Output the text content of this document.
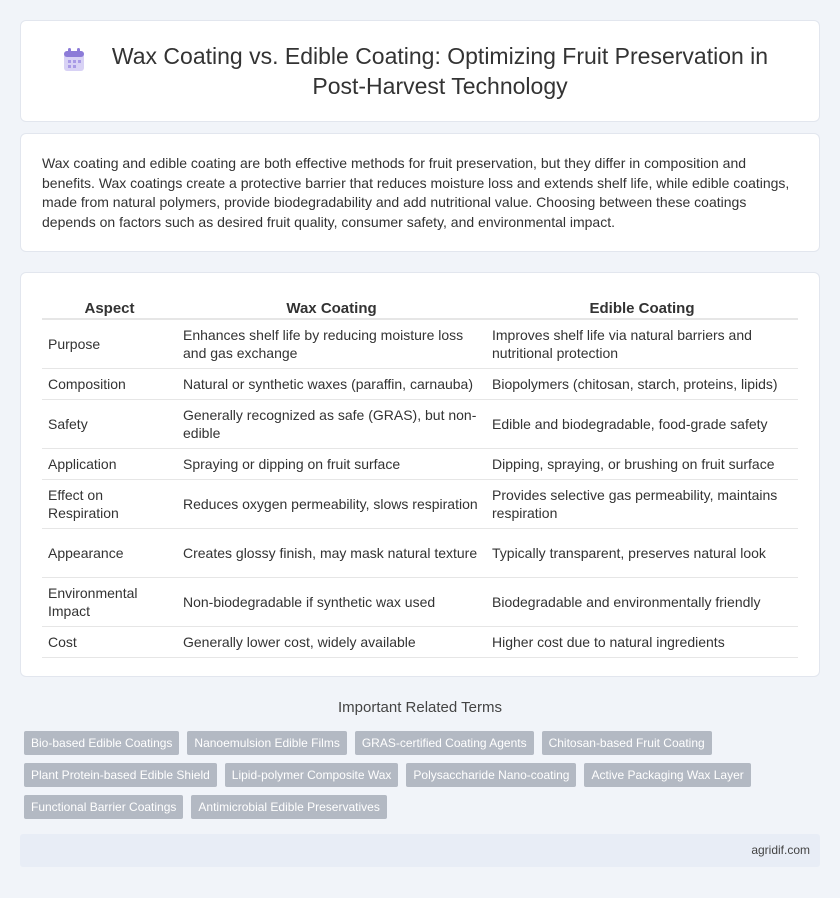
Wax Coating vs. Edible Coating: Optimizing Fruit Preservation in Post-Harvest Technology

Wax coating and edible coating are both effective methods for fruit preservation, but they differ in composition and benefits. Wax coatings create a protective barrier that reduces moisture loss and extends shelf life, while edible coatings, made from natural polymers, provide biodegradability and add nutritional value. Choosing between these coatings depends on factors such as desired fruit quality, consumer safety, and environmental impact.

Aspect	Wax Coating	Edible Coating
Purpose	Enhances shelf life by reducing moisture loss and gas exchange	Improves shelf life via natural barriers and nutritional protection
Composition	Natural or synthetic waxes (paraffin, carnauba)	Biopolymers (chitosan, starch, proteins, lipids)
Safety	Generally recognized as safe (GRAS), but non-edible	Edible and biodegradable, food-grade safety
Application	Spraying or dipping on fruit surface	Dipping, spraying, or brushing on fruit surface
Effect on Respiration	Reduces oxygen permeability, slows respiration	Provides selective gas permeability, maintains respiration
Appearance	Creates glossy finish, may mask natural texture	Typically transparent, preserves natural look
Environmental Impact	Non-biodegradable if synthetic wax used	Biodegradable and environmentally friendly
Cost	Generally lower cost, widely available	Higher cost due to natural ingredients
Important Related Terms
Bio-based Edible Coatings	Nanoemulsion Edible Films	GRAS-certified Coating Agents	Chitosan-based Fruit Coating
Plant Protein-based Edible Shield	Lipid-polymer Composite Wax	Polysaccharide Nano-coating	Active Packaging Wax Layer
Functional Barrier Coatings	Antimicrobial Edible Preservatives
agridif.com
